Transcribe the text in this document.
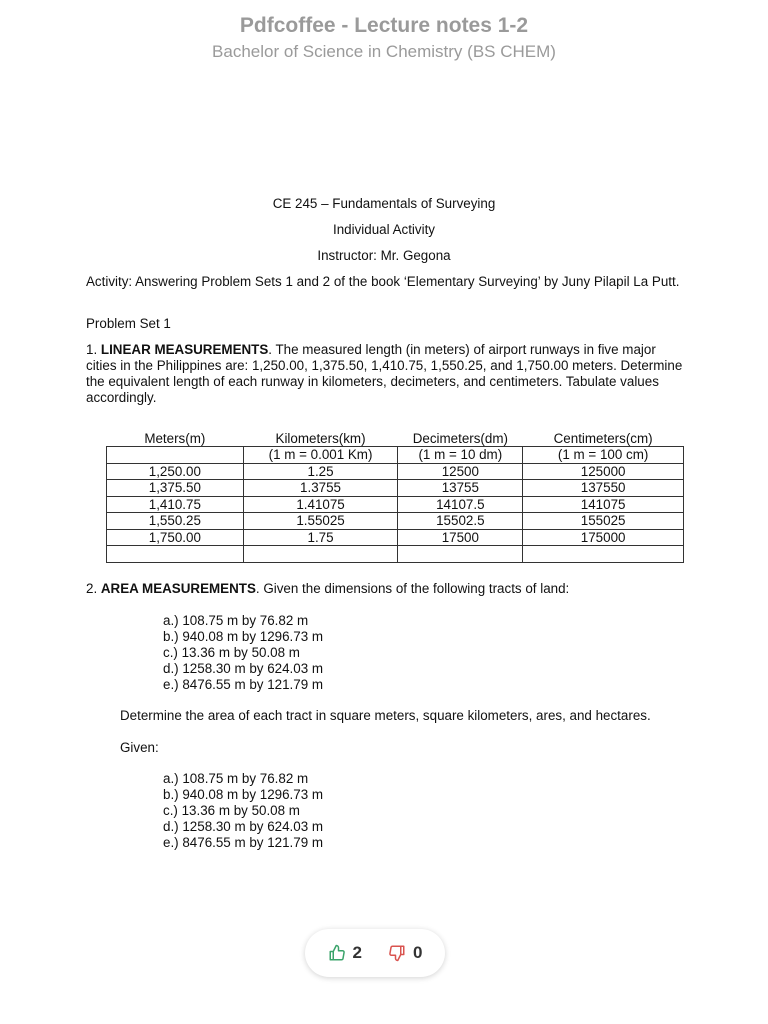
Pdfcoffee - Lecture notes 1-2
Bachelor of Science in Chemistry (BS CHEM)
CE 245 – Fundamentals of Surveying
Individual Activity
Instructor: Mr. Gegona
Activity: Answering Problem Sets 1 and 2 of the book ‘Elementary Surveying’ by Juny Pilapil La Putt.
Problem Set 1
1. LINEAR MEASUREMENTS. The measured length (in meters) of airport runways in five major cities in the Philippines are: 1,250.00, 1,375.50, 1,410.75, 1,550.25, and 1,750.00 meters. Determine the equivalent length of each runway in kilometers, decimeters, and centimeters. Tabulate values accordingly.
Meters(m)	Kilometers(km)	Decimeters(dm)	Centimeters(cm)
	(1 m = 0.001 Km)	(1 m = 10 dm)	(1 m = 100 cm)
1,250.00	1.25	12500	125000
1,375.50	1.3755	13755	137550
1,410.75	1.41075	14107.5	141075
1,550.25	1.55025	15502.5	155025
1,750.00	1.75	17500	175000

2. AREA MEASUREMENTS. Given the dimensions of the following tracts of land:
a.) 108.75 m by 76.82 m
b.) 940.08 m by 1296.73 m
c.) 13.36 m by 50.08 m
d.) 1258.30 m by 624.03 m
e.) 8476.55 m by 121.79 m
Determine the area of each tract in square meters, square kilometers, ares, and hectares.
Given:
a.) 108.75 m by 76.82 m
b.) 940.08 m by 1296.73 m
c.) 13.36 m by 50.08 m
d.) 1258.30 m by 624.03 m
e.) 8476.55 m by 121.79 m
2	0
